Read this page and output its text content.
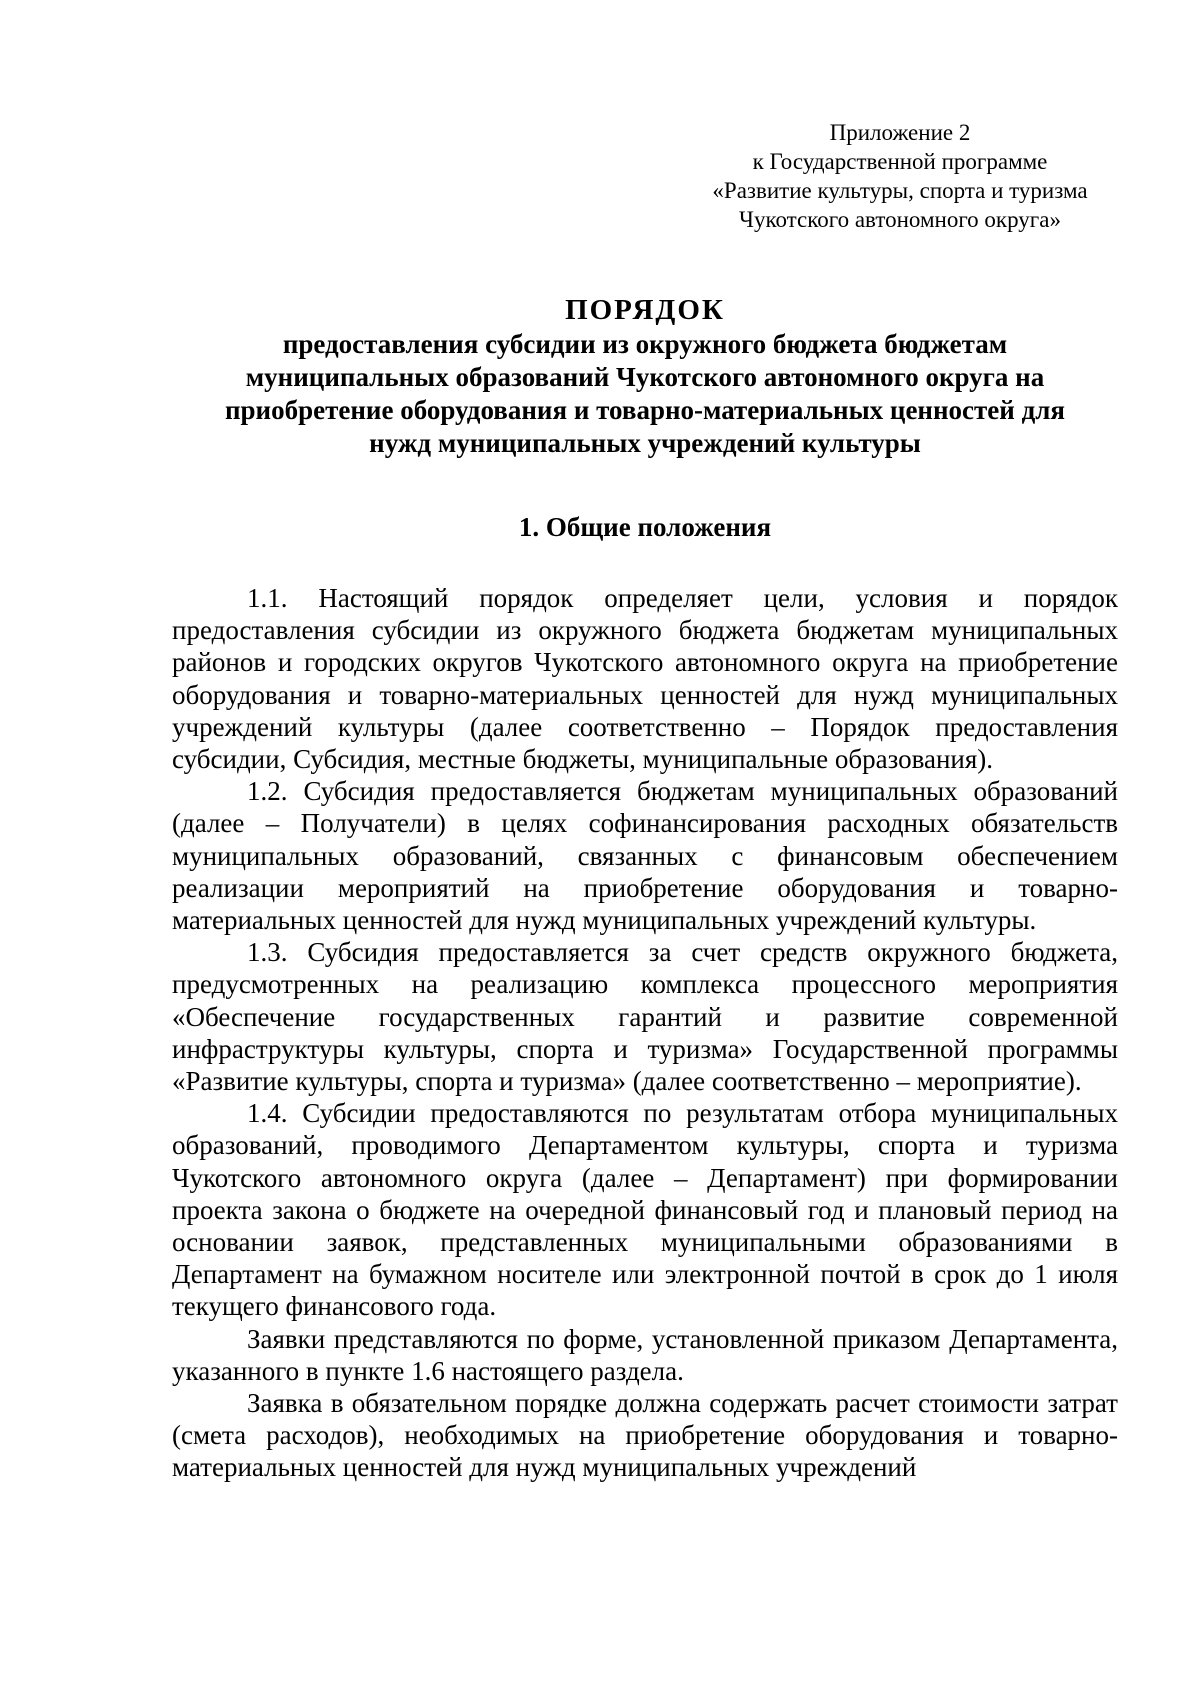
Приложение 2
к Государственной программе
«Развитие культуры, спорта и туризма
Чукотского автономного округа»
ПОРЯДОК
предоставления субсидии из окружного бюджета бюджетам
муниципальных образований Чукотского автономного округа на
приобретение оборудования и товарно-материальных ценностей для
нужд муниципальных учреждений культуры
1. Общие положения

1.1. Настоящий порядок определяет цели, условия и порядок предоставления субсидии из окружного бюджета бюджетам муниципальных районов и городских округов Чукотского автономного округа на приобретение оборудования и товарно-материальных ценностей для нужд муниципальных учреждений культуры (далее соответственно – Порядок предоставления субсидии, Субсидия, местные бюджеты, муниципальные образования).

1.2. Субсидия предоставляется бюджетам муниципальных образований (далее – Получатели) в целях софинансирования расходных обязательств муниципальных образований, связанных с финансовым обеспечением реализации мероприятий на приобретение оборудования и товарно-материальных ценностей для нужд муниципальных учреждений культуры.

1.3. Субсидия предоставляется за счет средств окружного бюджета, предусмотренных на реализацию комплекса процессного мероприятия «Обеспечение государственных гарантий и развитие современной инфраструктуры культуры, спорта и туризма» Государственной программы «Развитие культуры, спорта и туризма» (далее соответственно – мероприятие).

1.4. Субсидии предоставляются по результатам отбора муниципальных образований, проводимого Департаментом культуры, спорта и туризма Чукотского автономного округа (далее – Департамент) при формировании проекта закона о бюджете на очередной финансовый год и плановый период на основании заявок, представленных муниципальными образованиями в Департамент на бумажном носителе или электронной почтой в срок до 1 июля текущего финансового года.

Заявки представляются по форме, установленной приказом Департамента, указанного в пункте 1.6 настоящего раздела.

Заявка в обязательном порядке должна содержать расчет стоимости затрат (смета расходов), необходимых на приобретение оборудования и товарно-материальных ценностей для нужд муниципальных учреждений
